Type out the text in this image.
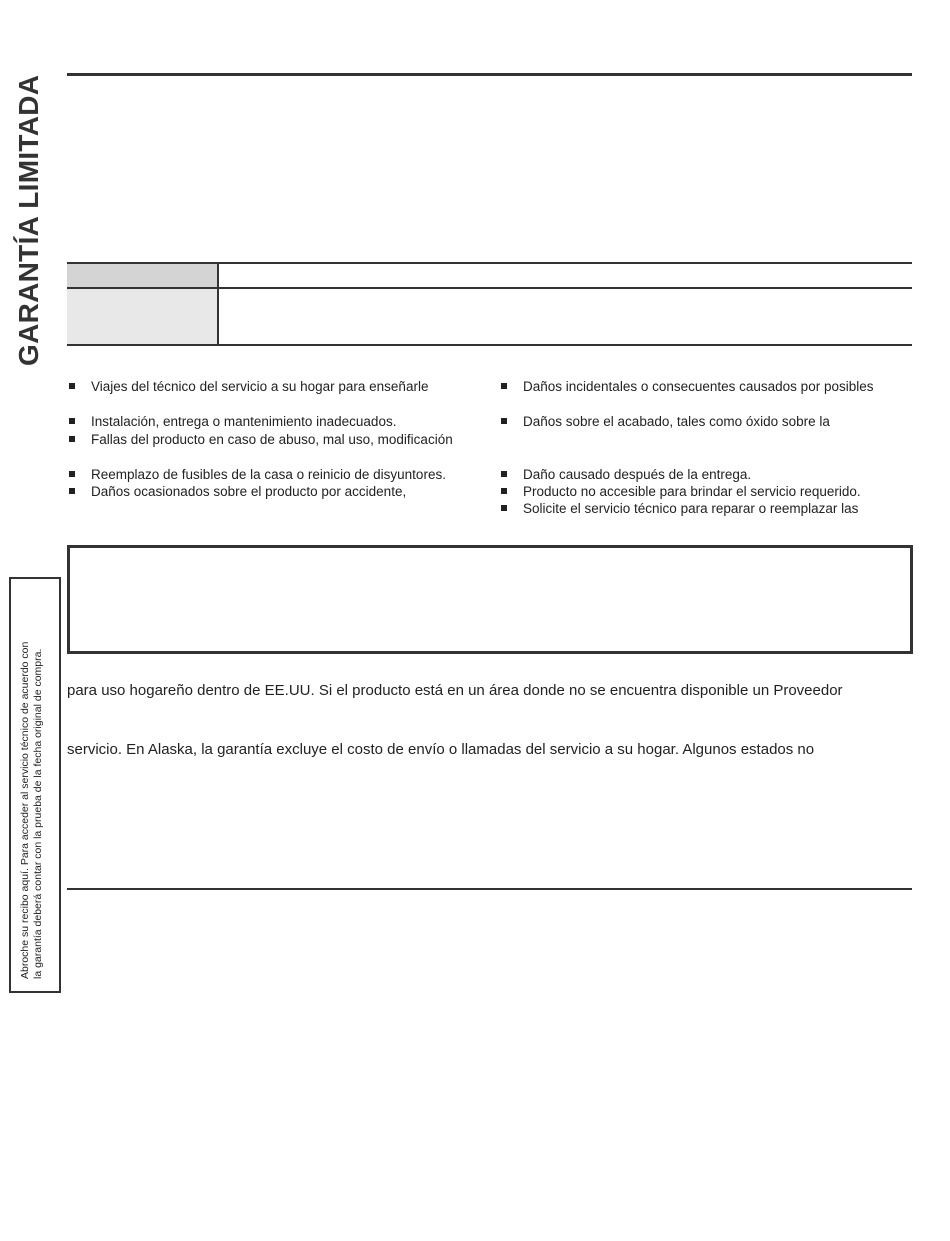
GARANTÍA LIMITADA
Viajes del técnico del servicio a su hogar para enseñarle
Instalación, entrega o mantenimiento inadecuados.
Fallas del producto en caso de abuso, mal uso, modificación
Reemplazo de fusibles de la casa o reinicio de disyuntores.
Daños ocasionados sobre el producto por accidente,
Daños incidentales o consecuentes causados por posibles
Daños sobre el acabado, tales como óxido sobre la
Daño causado después de la entrega.
Producto no accesible para brindar el servicio requerido.
Solicite el servicio técnico para reparar o reemplazar las
para uso hogareño dentro de EE.UU. Si el producto está en un área donde no se encuentra disponible un Proveedor
servicio. En Alaska, la garantía excluye el costo de envío o llamadas del servicio a su hogar. Algunos estados no
Abroche su recibo aquí. Para acceder al servicio técnico de acuerdo con la garantía deberá contar con la prueba de la fecha original de compra.
